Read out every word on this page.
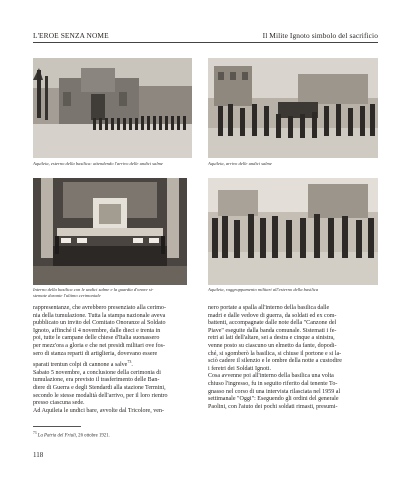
L'EROE SENZA NOME	Il Milite Ignoto simbolo del sacrificio
Aquileia, esterno della basilica: attendendo l'arrivo delle undici salme	Aquileia, arrivo delle undici salme
Interno della basilica con le undici salme e la guardia d'onore si-
stemate durante l'ultimo cerimoniale
Aquileia, raggruppamento militari all'esterno della basilica

rappresentanze, che avrebbero presenziato alla cerimo-

nia della tumulazione. Tutta la stampa nazionale aveva

pubblicato un invito del Comitato Onoranze al Soldato

Ignoto, affinché il 4 novembre, dalle dieci e trenta in

poi, tutte le campane delle chiese d'Italia suonassero

per mezz'ora a gloria e che nei presidi militari ove fos-

sero di stanza reparti di artiglieria, dovevano essere

sparati trentun colpi di cannone a salve$^{73}$.

Sabato 5 novembre, a conclusione della cerimonia di

tumulazione, era previsto il trasferimento delle Ban-

diere di Guerra e degli Stendardi alla stazione Termini,

secondo le stesse modalità dell'arrivo, per il loro rientro

presso ciascuna sede.

Ad Aquileia le undici bare, avvolte dal Tricolore, ven-

nero portate a spalla all'interno della basilica dalle

madri e dalle vedove di guerra, da soldati ed ex com-

battenti, accompagnate dalle note della "Canzone del

Piave" eseguite dalla banda comunale. Sistemati i fe-

retri ai lati dell'altare, sei a destra e cinque a sinistra,

venne posto su ciascuno un elmetto da fante, dopodi-

ché, si sgomberò la basilica, si chiuse il portone e si la-

sciò cadere il silenzio e le ombre della notte a custodire

i feretri dei Soldati Ignoti.

Cosa avvenne poi all'interno della basilica una volta

chiuso l'ingresso, fu in seguito riferito dal tenente To-

gnasso nel corso di una intervista rilasciata nel 1959 al

settimanale "Oggi": Eseguendo gli ordini del generale

Paolini, con l'aiuto dei pochi soldati rimasti, presumi-

$^{73}$ La Patria del Friuli, 26 ottobre 1921.
118
